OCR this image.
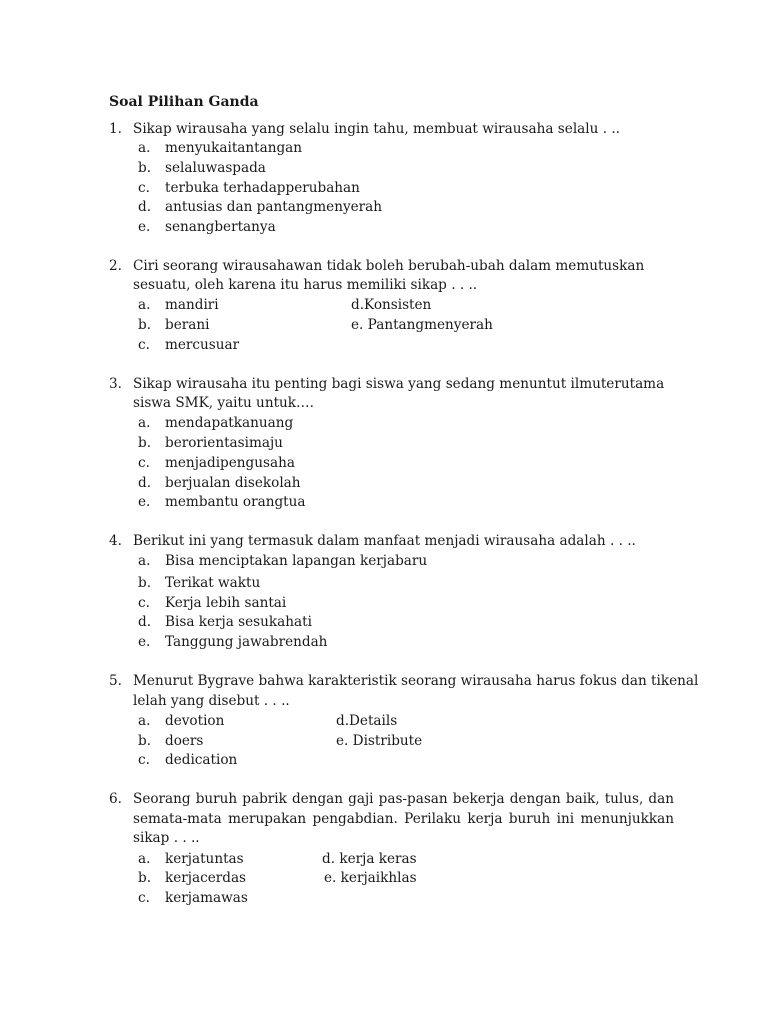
Soal Pilihan Ganda
1. Sikap wirausaha yang selalu ingin tahu, membuat wirausaha selalu . ..
a. menyukaitantangan
b. selaluwaspada
c. terbuka terhadapperubahan
d. antusias dan pantangmenyerah
e. senangbertanya
2. Ciri seorang wirausahawan tidak boleh berubah-ubah dalam memutuskan
sesuatu, oleh karena itu harus memiliki sikap . . ..
a. mandiri	d.Konsisten
b. berani	e. Pantangmenyerah
c. mercusuar
3. Sikap wirausaha itu penting bagi siswa yang sedang menuntut ilmuterutama
siswa SMK, yaitu untuk….
a. mendapatkanuang
b. berorientasimaju
c. menjadipengusaha
d. berjualan disekolah
e. membantu orangtua
4. Berikut ini yang termasuk dalam manfaat menjadi wirausaha adalah . . ..
a. Bisa menciptakan lapangan kerjabaru
b. Terikat waktu
c. Kerja lebih santai
d. Bisa kerja sesukahati
e. Tanggung jawabrendah
5. Menurut Bygrave bahwa karakteristik seorang wirausaha harus fokus dan tikenal
lelah yang disebut . . ..
a. devotion	d.Details
b. doers	e. Distribute
c. dedication
6. Seorang buruh pabrik dengan gaji pas-pasan bekerja dengan baik, tulus, dan
semata-mata merupakan pengabdian. Perilaku kerja buruh ini menunjukkan
sikap . . ..
a. kerjatuntas	d. kerja keras
b. kerjacerdas	e. kerjaikhlas
c. kerjamawas
